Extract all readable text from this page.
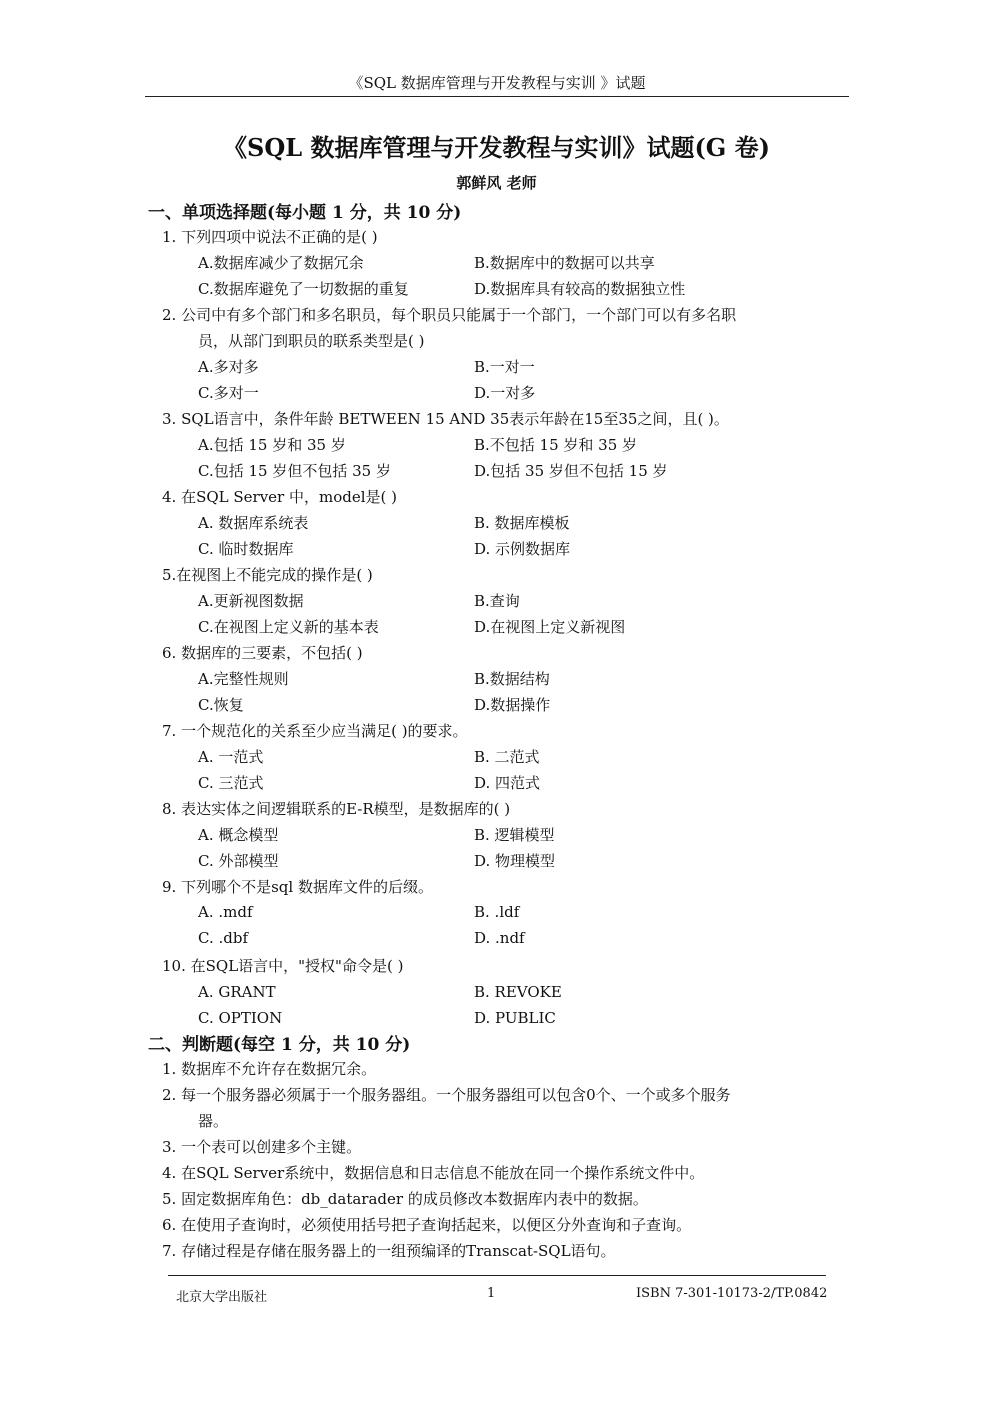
《SQL 数据库管理与开发教程与实训 》试题
《SQL 数据库管理与开发教程与实训》试题(G 卷)
郭鲜风 老师
一、单项选择题(每小题 1 分，共 10 分)
1. 下列四项中说法不正确的是( )
A.数据库减少了数据冗余	B.数据库中的数据可以共享
C.数据库避免了一切数据的重复	D.数据库具有较高的数据独立性
2. 公司中有多个部门和多名职员，每个职员只能属于一个部门，一个部门可以有多名职
员，从部门到职员的联系类型是( )
A.多对多	B.一对一
C.多对一	D.一对多
3. SQL语言中，条件年龄 BETWEEN 15 AND 35表示年龄在15至35之间，且( )。
A.包括 15 岁和 35 岁	B.不包括 15 岁和 35 岁
C.包括 15 岁但不包括 35 岁	D.包括 35 岁但不包括 15 岁
4. 在SQL Server 中，model是( )
A. 数据库系统表	B. 数据库模板
C. 临时数据库	D. 示例数据库
5.在视图上不能完成的操作是( )
A.更新视图数据	B.查询
C.在视图上定义新的基本表	D.在视图上定义新视图
6. 数据库的三要素，不包括( )
A.完整性规则	B.数据结构
C.恢复	D.数据操作
7. 一个规范化的关系至少应当满足( )的要求。
A. 一范式	B. 二范式
C. 三范式	D. 四范式
8. 表达实体之间逻辑联系的E-R模型，是数据库的( )
A. 概念模型	B. 逻辑模型
C. 外部模型	D. 物理模型
9. 下列哪个不是sql 数据库文件的后缀。
A. .mdf	B. .ldf
C. .dbf	D. .ndf
10. 在SQL语言中，"授权"命令是( )
A. GRANT	B. REVOKE
C. OPTION	D. PUBLIC
二、判断题(每空 1 分，共 10 分)
1. 数据库不允许存在数据冗余。
2. 每一个服务器必须属于一个服务器组。一个服务器组可以包含0个、一个或多个服务
器。
3. 一个表可以创建多个主键。
4. 在SQL Server系统中，数据信息和日志信息不能放在同一个操作系统文件中。
5. 固定数据库角色：db_datarader 的成员修改本数据库内表中的数据。
6. 在使用子查询时，必须使用括号把子查询括起来，以便区分外查询和子查询。
7. 存储过程是存储在服务器上的一组预编译的Transcat-SQL语句。
北京大学出版社	1	ISBN 7-301-10173-2/TP.0842
